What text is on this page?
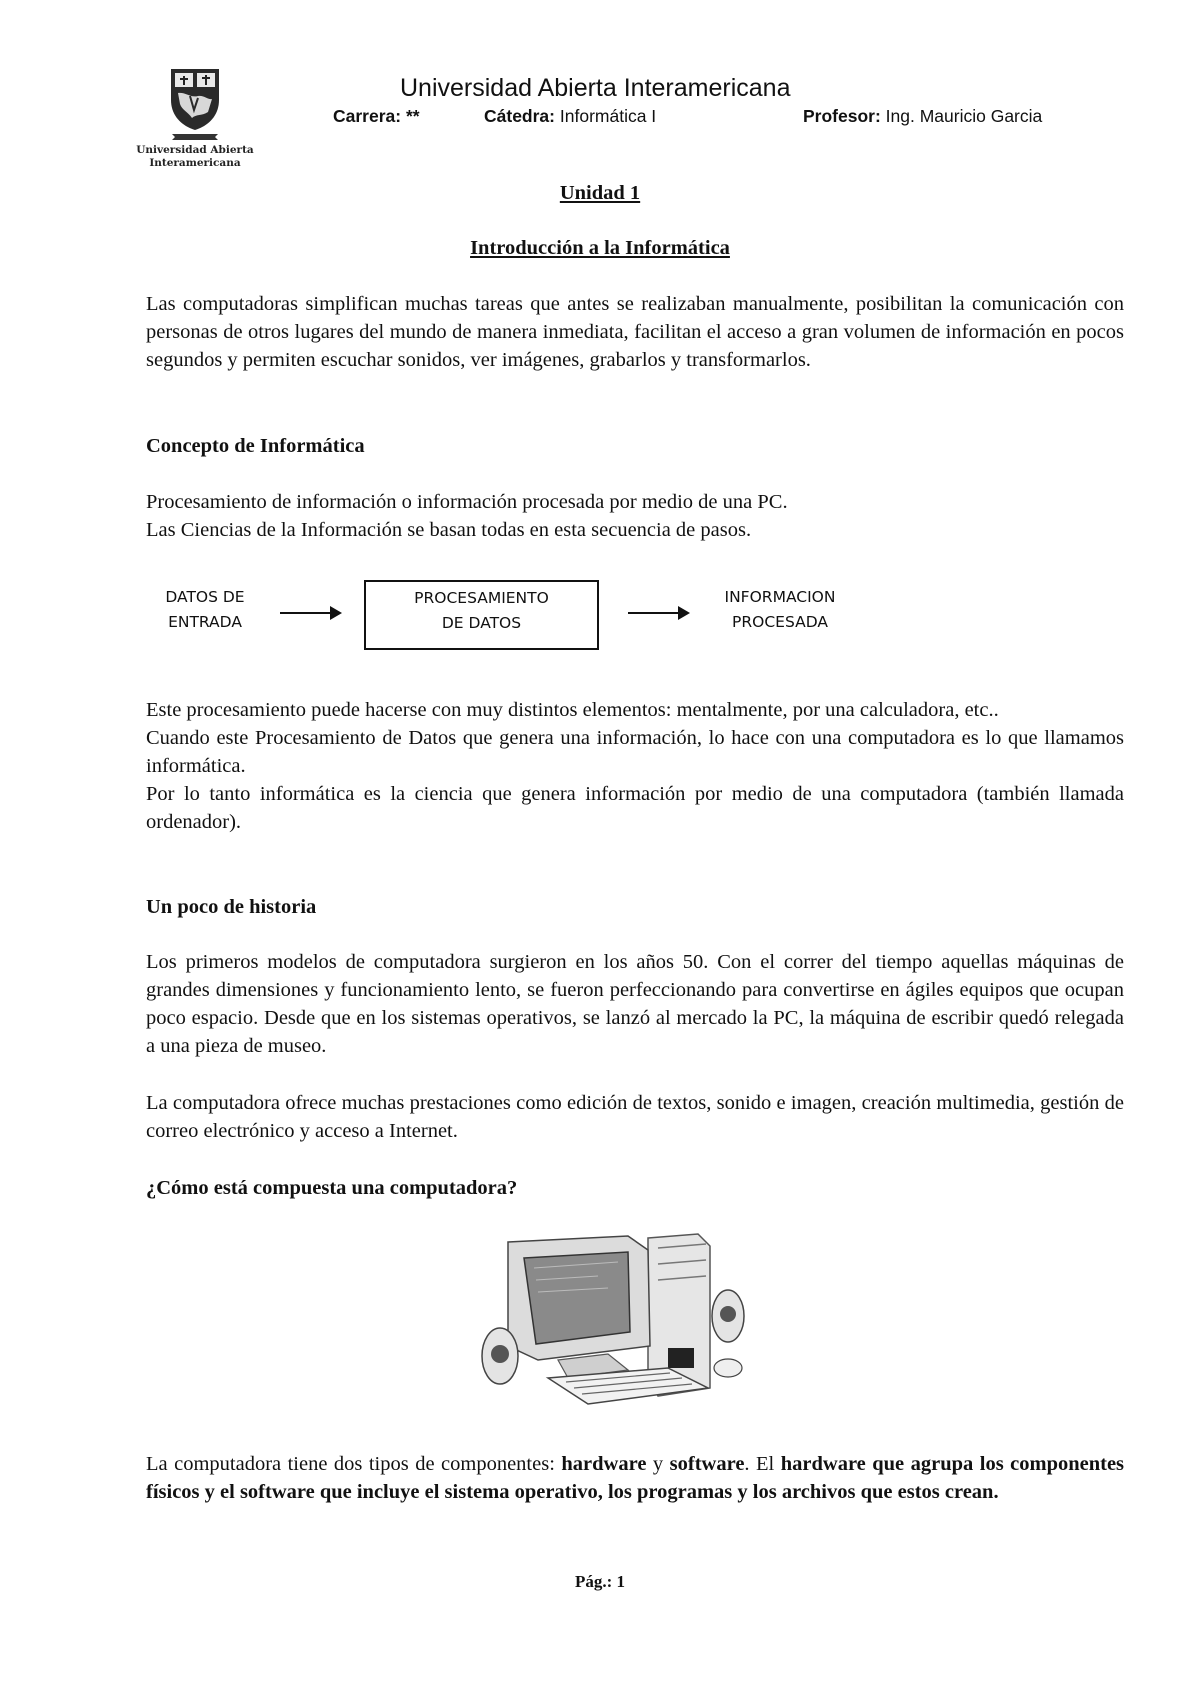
Universidad Abierta
Interamericana
Universidad Abierta Interamericana
Carrera: **	Cátedra: Informática I	Profesor: Ing. Mauricio Garcia
Unidad 1
Introducción a la Informática

Las computadoras simplifican muchas tareas que antes se realizaban manualmente, posibilitan la comunicación con personas de otros lugares del mundo de manera inmediata, facilitan el acceso a gran volumen de información en pocos segundos y permiten escuchar sonidos, ver imágenes, grabarlos y transformarlos.

Concepto de Informática

Procesamiento de información o información procesada por medio de una PC.

Las Ciencias de la Información se basan todas en esta secuencia de pasos.

DATOS DE
ENTRADA
PROCESAMIENTO
DE DATOS
INFORMACION
PROCESADA

Este procesamiento puede hacerse con muy distintos elementos: mentalmente, por una calculadora, etc..

Cuando este Procesamiento de Datos que genera una información, lo hace con una computadora es lo que llamamos informática.

Por lo tanto informática es la ciencia que genera información por medio de una computadora (también llamada ordenador).

Un poco de historia
Los primeros modelos de computadora surgieron en los años 50. Con el correr del tiempo aquellas máquinas de grandes dimensiones y funcionamiento lento, se fueron perfeccionando para convertirse en ágiles equipos que ocupan poco espacio. Desde que en los sistemas operativos, se lanzó al mercado la PC, la máquina de escribir quedó relegada a una pieza de museo.
La computadora ofrece muchas prestaciones como edición de textos, sonido e imagen, creación multimedia, gestión de correo electrónico y acceso a Internet.
¿Cómo está compuesta una computadora?
La computadora tiene dos tipos de componentes: hardware y software. El hardware que agrupa los componentes físicos y el software que incluye el sistema operativo, los programas y los archivos que estos crean.
Pág.: 1
